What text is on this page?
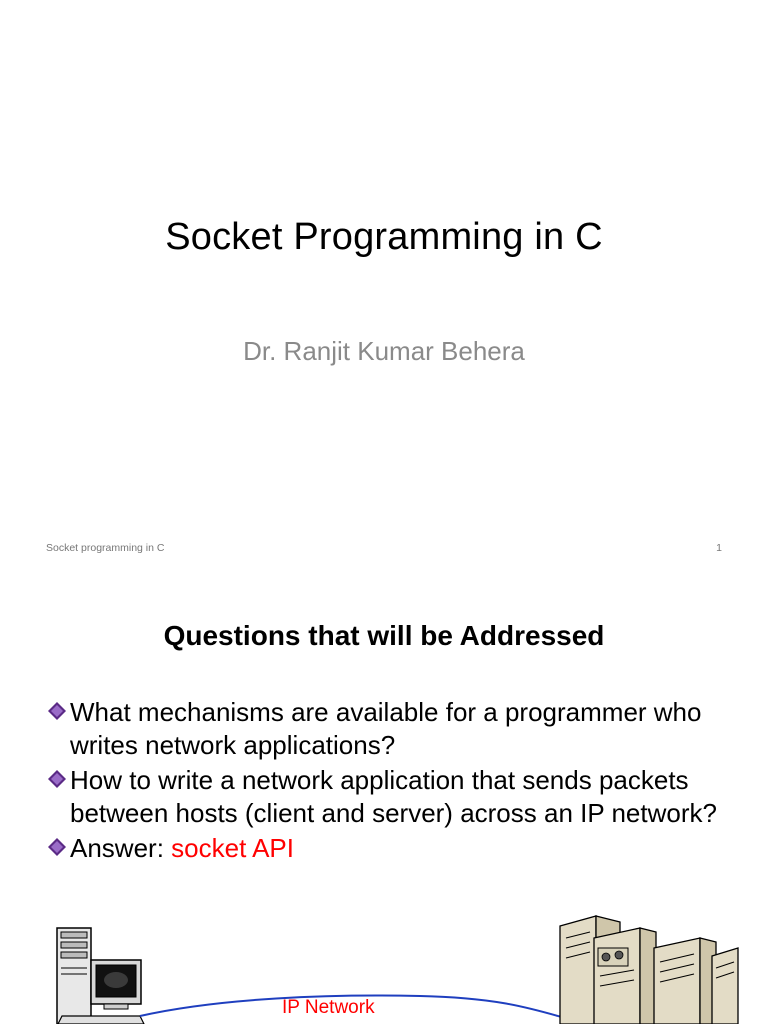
Socket Programming in C
Dr. Ranjit Kumar Behera
Socket programming in C	1
Questions that will be Addressed
What mechanisms are available for a programmer who writes network applications?
How to write a network application that sends packets between hosts (client and server) across an IP network?
Answer: socket API
IP Network
